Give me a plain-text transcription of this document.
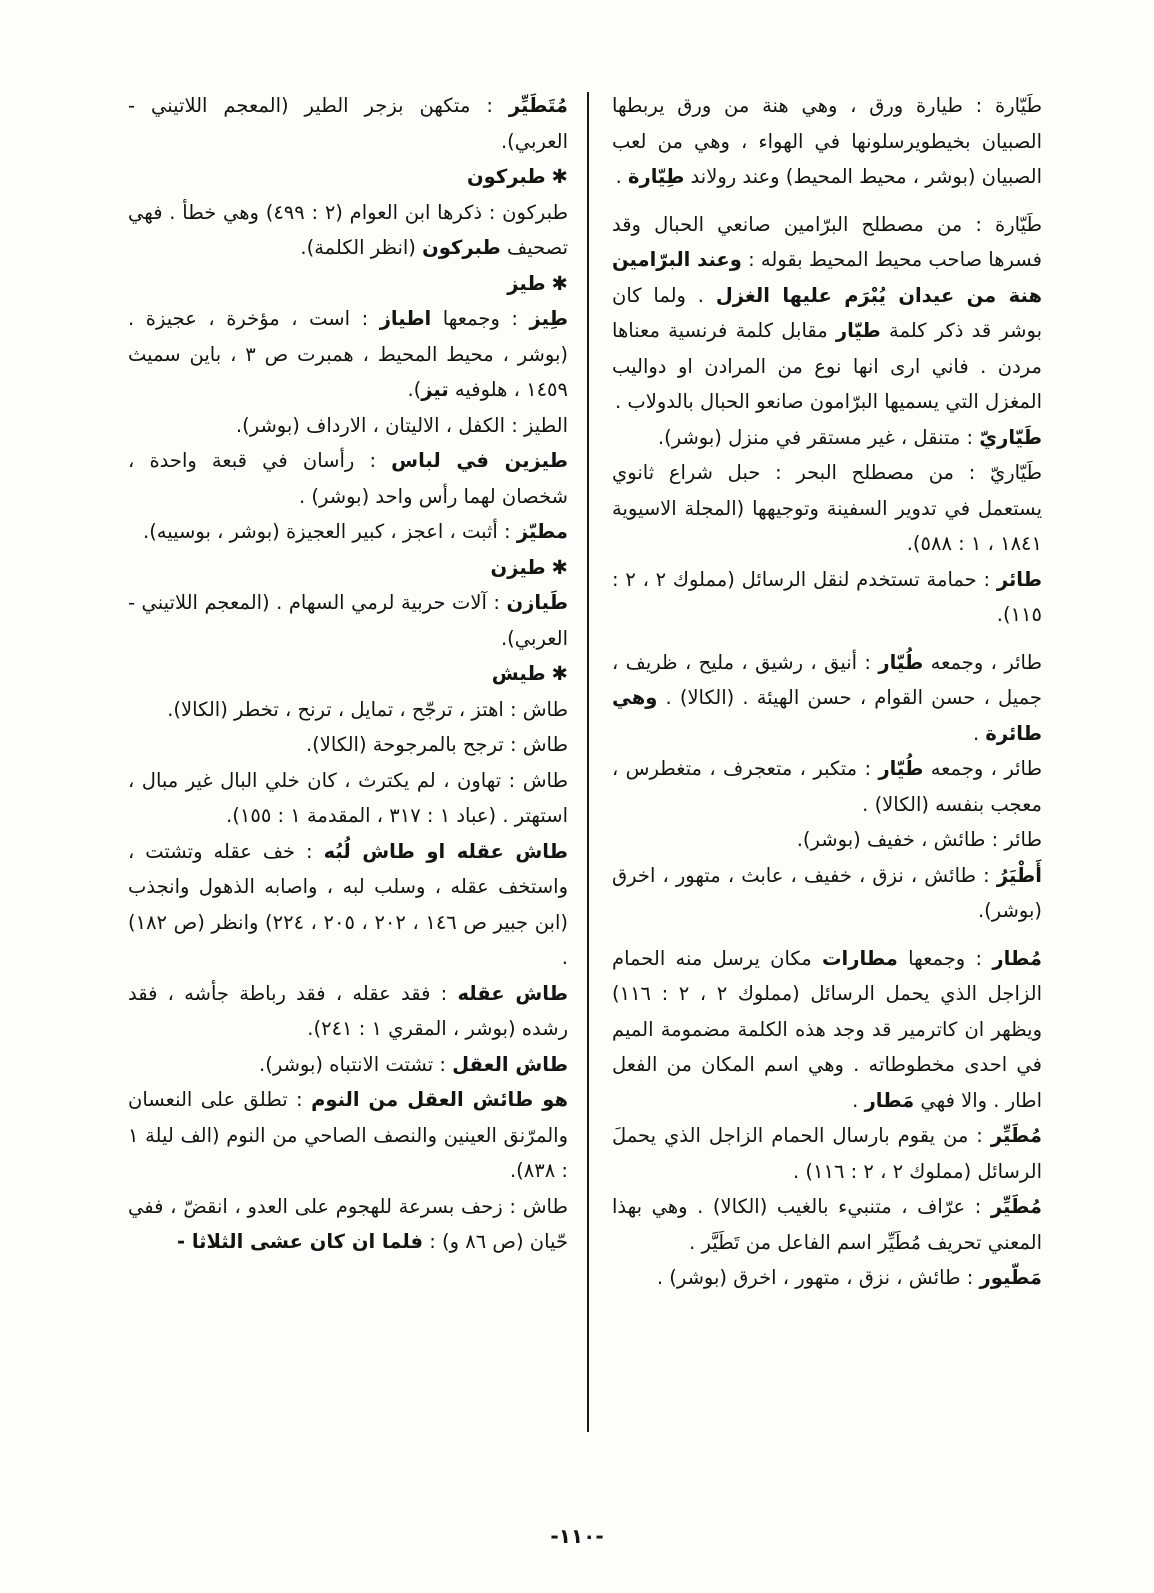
طَيّارة : طيارة ورق ، وهي هنة من ورق يربطها الصبيان بخيطويرسلونها في الهواء ، وهي من لعب الصبيان (بوشر ، محيط المحيط) وعند رولاند طِيّارة .

طَيّارة : من مصطلح البرّامين صانعي الحبال وقد فسرها صاحب محيط المحيط بقوله : وعند البرّامين هنة من عيدان يُبْرَم عليها الغزل . ولما كان بوشر قد ذكر كلمة طيّار مقابل كلمة فرنسية معناها مردن . فاني ارى انها نوع من المرادن او دواليب المغزل التي يسميها البرّامون صانعو الحبال بالدولاب .

طَيّاريّ : متنقل ، غير مستقر في منزل (بوشر).

طَيّاريّ : من مصطلح البحر : حبل شراع ثانوي يستعمل في تدوير السفينة وتوجيهها (المجلة الاسيوية ١٨٤١ ، ١ : ٥٨٨).

طائر : حمامة تستخدم لنقل الرسائل (مملوك ٢ ، ٢ : ١١٥).

طائر ، وجمعه طُيّار : أنيق ، رشيق ، مليح ، ظريف ، جميل ، حسن القوام ، حسن الهيئة . (الكالا) . وهي طائرة .

طائر ، وجمعه طُيّار : متكبر ، متعجرف ، متغطرس ، معجب بنفسه (الكالا) .

طائر : طائش ، خفيف (بوشر).

أَطْيَرُ : طائش ، نزق ، خفيف ، عابث ، متهور ، اخرق (بوشر).

مُطار : وجمعها مطارات مكان يرسل منه الحمام الزاجل الذي يحمل الرسائل (مملوك ٢ ، ٢ : ١١٦) ويظهر ان كاترمير قد وجد هذه الكلمة مضمومة الميم في احدى مخطوطاته . وهي اسم المكان من الفعل اطار . والا فهي مَطار .

مُطَيِّر : من يقوم بارسال الحمام الزاجل الذي يحملَ الرسائل (مملوك ٢ ، ٢ : ١١٦) .

مُطَيِّر : عرّاف ، متنبيء بالغيب (الكالا) . وهي بهذا المعني تحريف مُطَيِّر اسم الفاعل من تَطَيَّر .

مَطّيور : طائش ، نزق ، متهور ، اخرق (بوشر) .

مُتَطَيِّر : متكهن بزجر الطير (المعجم اللاتيني - العربي).

✱طبركون

طبركون : ذكرها ابن العوام (٢ : ٤٩٩) وهي خطأ . فهي تصحيف طبركون (انظر الكلمة).

✱طيز

طِيز : وجمعها اطياز : است ، مؤخرة ، عجيزة . (بوشر ، محيط المحيط ، همبرت ص ٣ ، باين سميث ١٤٥٩ ، هلوفيه تيز).

الطيز : الكفل ، الاليتان ، الارداف (بوشر).

طيزين في لباس : رأسان في قبعة واحدة ، شخصان لهما رأس واحد (بوشر) .

مطيّز : أثبت ، اعجز ، كبير العجيزة (بوشر ، بوسييه).

✱طيزن

طَيازن : آلات حربية لرمي السهام . (المعجم اللاتيني - العربي).

✱طيش

طاش : اهتز ، ترجّح ، تمايل ، ترنح ، تخطر (الكالا).

طاش : ترجح بالمرجوحة (الكالا).

طاش : تهاون ، لم يكترث ، كان خلي البال غير مبال ، استهتر . (عباد ١ : ٣١٧ ، المقدمة ١ : ١٥٥).

طاش عقله او طاش لُبُه : خف عقله وتشتت ، واستخف عقله ، وسلب لبه ، واصابه الذهول وانجذب (ابن جبير ص ١٤٦ ، ٢٠٢ ، ٢٠٥ ، ٢٢٤) وانظر (ص ١٨٢) .

طاش عقله : فقد عقله ، فقد رباطة جأشه ، فقد رشده (بوشر ، المقري ١ : ٢٤١).

طاش العقل : تشتت الانتباه (بوشر).

هو طائش العقل من النوم : تطلق على النعسان والمرّنق العينين والنصف الصاحي من النوم (الف ليلة ١ : ٨٣٨).

طاش : زحف بسرعة للهجوم على العدو ، انقضّ ، ففي حّيان (ص ٨٦ و) : فلما ان كان عشى الثلاثا -

-١١٠-
